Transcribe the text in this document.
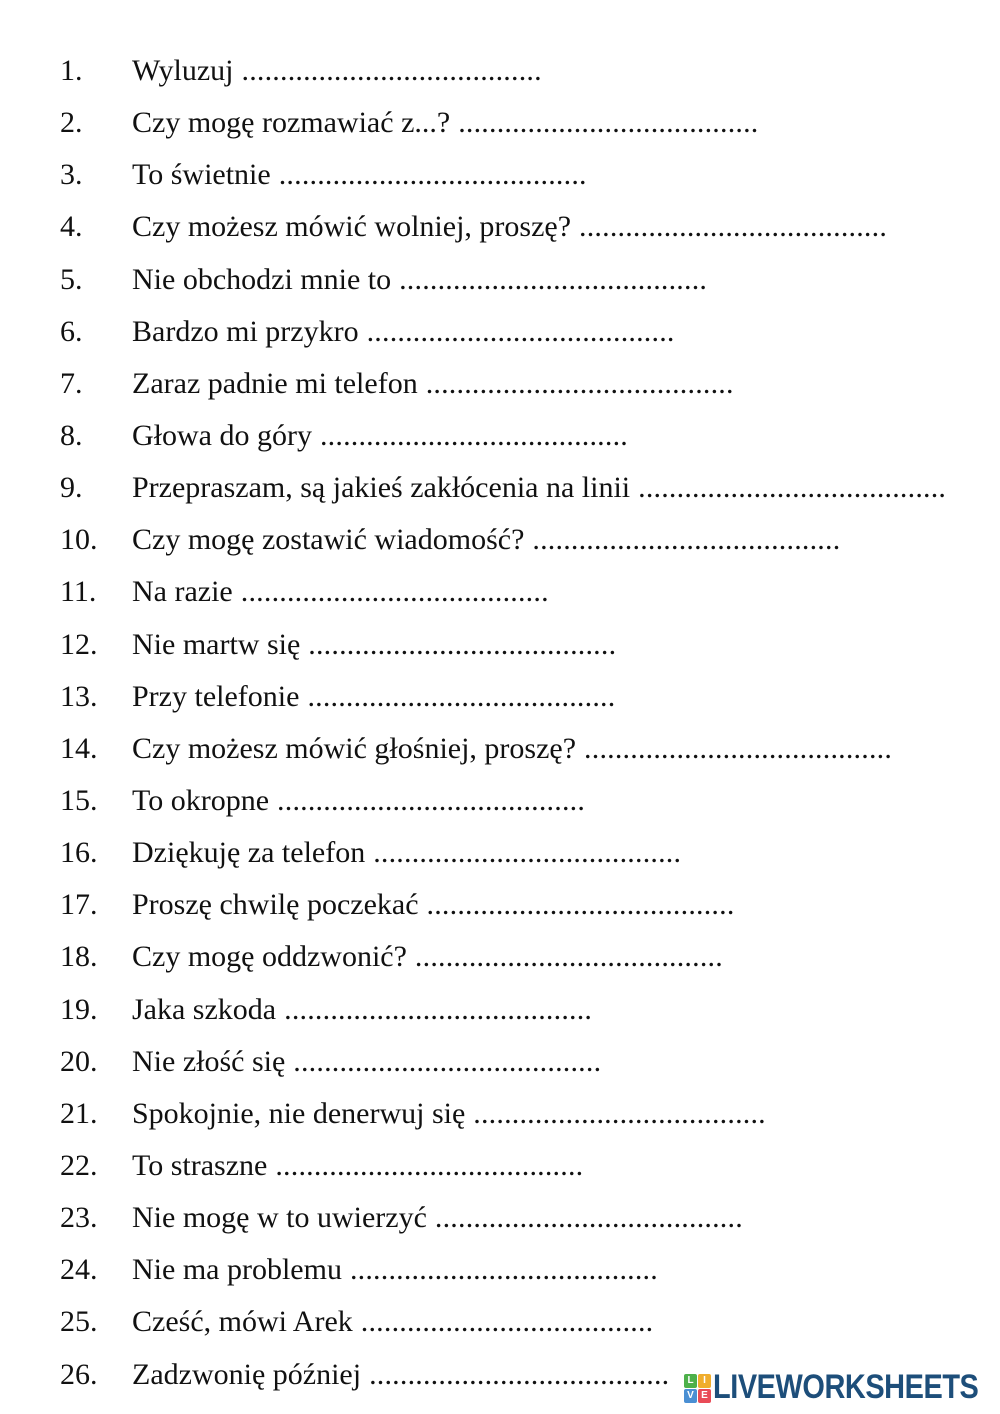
1. Wyluzuj .......................................
2. Czy mogę rozmawiać z...? .......................................
3. To świetnie ........................................
4. Czy możesz mówić wolniej, proszę? ........................................
5. Nie obchodzi mnie to ........................................
6. Bardzo mi przykro ........................................
7. Zaraz padnie mi telefon ........................................
8. Głowa do góry ........................................
9. Przepraszam, są jakieś zakłócenia na linii ........................................
10. Czy mogę zostawić wiadomość? ........................................
11. Na razie ........................................
12. Nie martw się ........................................
13. Przy telefonie ........................................
14. Czy możesz mówić głośniej, proszę? ........................................
15. To okropne ........................................
16. Dziękuję za telefon ........................................
17. Proszę chwilę poczekać ........................................
18. Czy mogę oddzwonić? ........................................
19. Jaka szkoda ........................................
20. Nie złość się ........................................
21. Spokojnie, nie denerwuj się ......................................
22. To straszne ........................................
23. Nie mogę w to uwierzyć ........................................
24. Nie ma problemu ........................................
25. Cześć, mówi Arek ......................................
26. Zadzwonię później .......................................	L I
V E LIVEWORKSHEETS
